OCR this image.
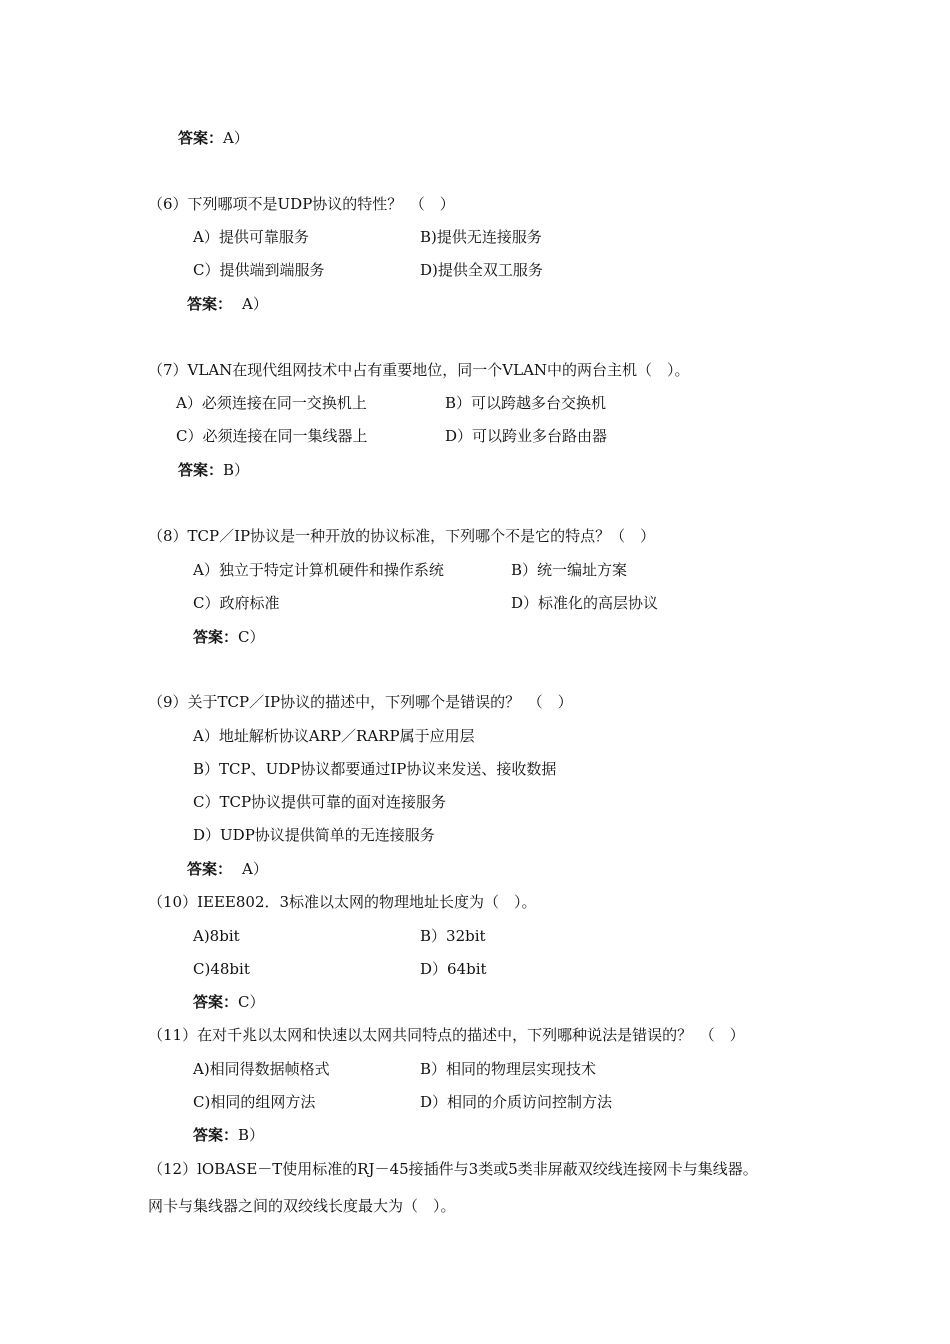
答案：A）
（6）下列哪项不是UDP协议的特性？　（　）
A）提供可靠服务	B)提供无连接服务
C）提供端到端服务	D)提供全双工服务
答案： A）
（7）VLAN在现代组网技术中占有重要地位，同一个VLAN中的两台主机（　）。
A）必须连接在同一交换机上	B）可以跨越多台交换机
C）必须连接在同一集线器上	D）可以跨业多台路由器
答案：B）
（8）TCP／IP协议是一种开放的协议标准，下列哪个不是它的特点？（　）
A）独立于特定计算机硬件和操作系统	B）统一编址方案
C）政府标准	D）标准化的高层协议
答案：C）
（9）关于TCP／IP协议的描述中，下列哪个是错误的？　（　）
A）地址解析协议ARP／RARP属于应用层
B）TCP、UDP协议都要通过IP协议来发送、接收数据
C）TCP协议提供可靠的面对连接服务
D）UDP协议提供简单的无连接服务
答案： A）
（10）IEEE802．3标准以太网的物理地址长度为（　）。
A)8bit	B）32bit
C)48bit	D）64bit
答案：C）
（11）在对千兆以太网和快速以太网共同特点的描述中，下列哪种说法是错误的？　（　）
A)相同得数据帧格式	B）相同的物理层实现技术
C)相同的组网方法	D）相同的介质访问控制方法
答案：B）
（12）lOBASE－T使用标准的RJ－45接插件与3类或5类非屏蔽双绞线连接网卡与集线器。
网卡与集线器之间的双绞线长度最大为（　）。
